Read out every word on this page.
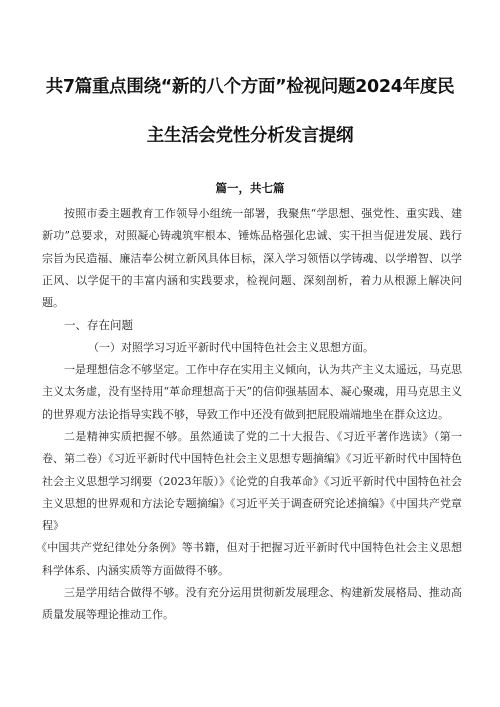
共7篇重点围绕“新的八个方面”检视问题2024年度民
主生活会党性分析发言提纲
篇一，共七篇

按照市委主题教育工作领导小组统一部署，我聚焦“学思想、强党性、重实践、建新功”总要求，对照凝心铸魂筑牢根本、锤炼品格强化忠诚、实干担当促进发展、践行宗旨为民造福、廉洁奉公树立新风具体目标，深入学习领悟以学铸魂、以学增智、以学正风、以学促干的丰富内涵和实践要求，检视问题、深刻剖析，着力从根源上解决问题。

一、存在问题

（一）对照学习习近平新时代中国特色社会主义思想方面。

一是理想信念不够坚定。工作中存在实用主义倾向，认为共产主义太遥远，马克思主义太务虚，没有坚持用“革命理想高于天”的信仰强基固本、凝心聚魂，用马克思主义的世界观方法论指导实践不够，导致工作中还没有做到把屁股端端地坐在群众这边。

二是精神实质把握不够。虽然通读了党的二十大报告、《习近平著作选读》（第一卷、第二卷）《习近平新时代中国特色社会主义思想专题摘编》《习近平新时代中国特色社会主义思想学习纲要（2023年版）》《论党的自我革命》《习近平新时代中国特色社会主义思想的世界观和方法论专题摘编》《习近平关于调查研究论述摘编》《中国共产党章程》

《中国共产党纪律处分条例》等书籍，但对于把握习近平新时代中国特色社会主义思想科学体系、内涵实质等方面做得不够。

三是学用结合做得不够。没有充分运用贯彻新发展理念、构建新发展格局、推动高质量发展等理论推动工作。
